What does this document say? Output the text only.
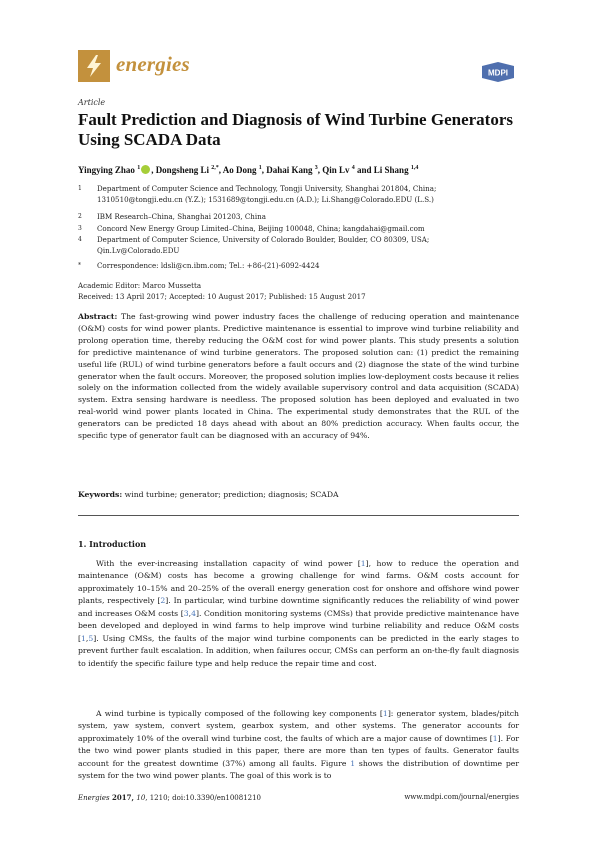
energies	MDPI
Article
Fault Prediction and Diagnosis of Wind Turbine Generators Using SCADA Data
Yingying Zhao $^1$ , Dongsheng Li $^{2,*}$, Ao Dong $^1$, Dahai Kang $^3$, Qin Lv $^4$ and Li Shang $^{1,4}$
1	Department of Computer Science and Technology, Tongji University, Shanghai 201804, China; 1310510@tongji.edu.cn (Y.Z.); 1531689@tongji.edu.cn (A.D.); Li.Shang@Colorado.EDU (L.S.)
2	IBM Research–China, Shanghai 201203, China
3	Concord New Energy Group Limited–China, Beijing 100048, China; kangdahai@gmail.com
4	Department of Computer Science, University of Colorado Boulder, Boulder, CO 80309, USA; Qin.Lv@Colorado.EDU
*	Correspondence: ldsli@cn.ibm.com; Tel.: +86-(21)-6092-4424
Academic Editor: Marco Mussetta
Received: 13 April 2017; Accepted: 10 August 2017; Published: 15 August 2017
Abstract: The fast-growing wind power industry faces the challenge of reducing operation and maintenance (O&M) costs for wind power plants. Predictive maintenance is essential to improve wind turbine reliability and prolong operation time, thereby reducing the O&M cost for wind power plants. This study presents a solution for predictive maintenance of wind turbine generators. The proposed solution can: (1) predict the remaining useful life (RUL) of wind turbine generators before a fault occurs and (2) diagnose the state of the wind turbine generator when the fault occurs. Moreover, the proposed solution implies low-deployment costs because it relies solely on the information collected from the widely available supervisory control and data acquisition (SCADA) system. Extra sensing hardware is needless. The proposed solution has been deployed and evaluated in two real-world wind power plants located in China. The experimental study demonstrates that the RUL of the generators can be predicted 18 days ahead with about an 80% prediction accuracy. When faults occur, the specific type of generator fault can be diagnosed with an accuracy of 94%.
Keywords: wind turbine; generator; prediction; diagnosis; SCADA
1. Introduction
With the ever-increasing installation capacity of wind power [1], how to reduce the operation and maintenance (O&M) costs has become a growing challenge for wind farms. O&M costs account for approximately 10–15% and 20–25% of the overall energy generation cost for onshore and offshore wind power plants, respectively [2]. In particular, wind turbine downtime significantly reduces the reliability of wind power and increases O&M costs [3,4]. Condition monitoring systems (CMSs) that provide predictive maintenance have been developed and deployed in wind farms to help improve wind turbine reliability and reduce O&M costs [1,5]. Using CMSs, the faults of the major wind turbine components can be predicted in the early stages to prevent further fault escalation. In addition, when failures occur, CMSs can perform an on-the-fly fault diagnosis to identify the specific failure type and help reduce the repair time and cost.
A wind turbine is typically composed of the following key components [1]: generator system, blades/pitch system, yaw system, convert system, gearbox system, and other systems. The generator accounts for approximately 10% of the overall wind turbine cost, the faults of which are a major cause of downtimes [1]. For the two wind power plants studied in this paper, there are more than ten types of faults. Generator faults account for the greatest downtime (37%) among all faults. Figure 1 shows the distribution of downtime per system for the two wind power plants. The goal of this work is to
Energies 2017, 10, 1210; doi:10.3390/en10081210	www.mdpi.com/journal/energies
